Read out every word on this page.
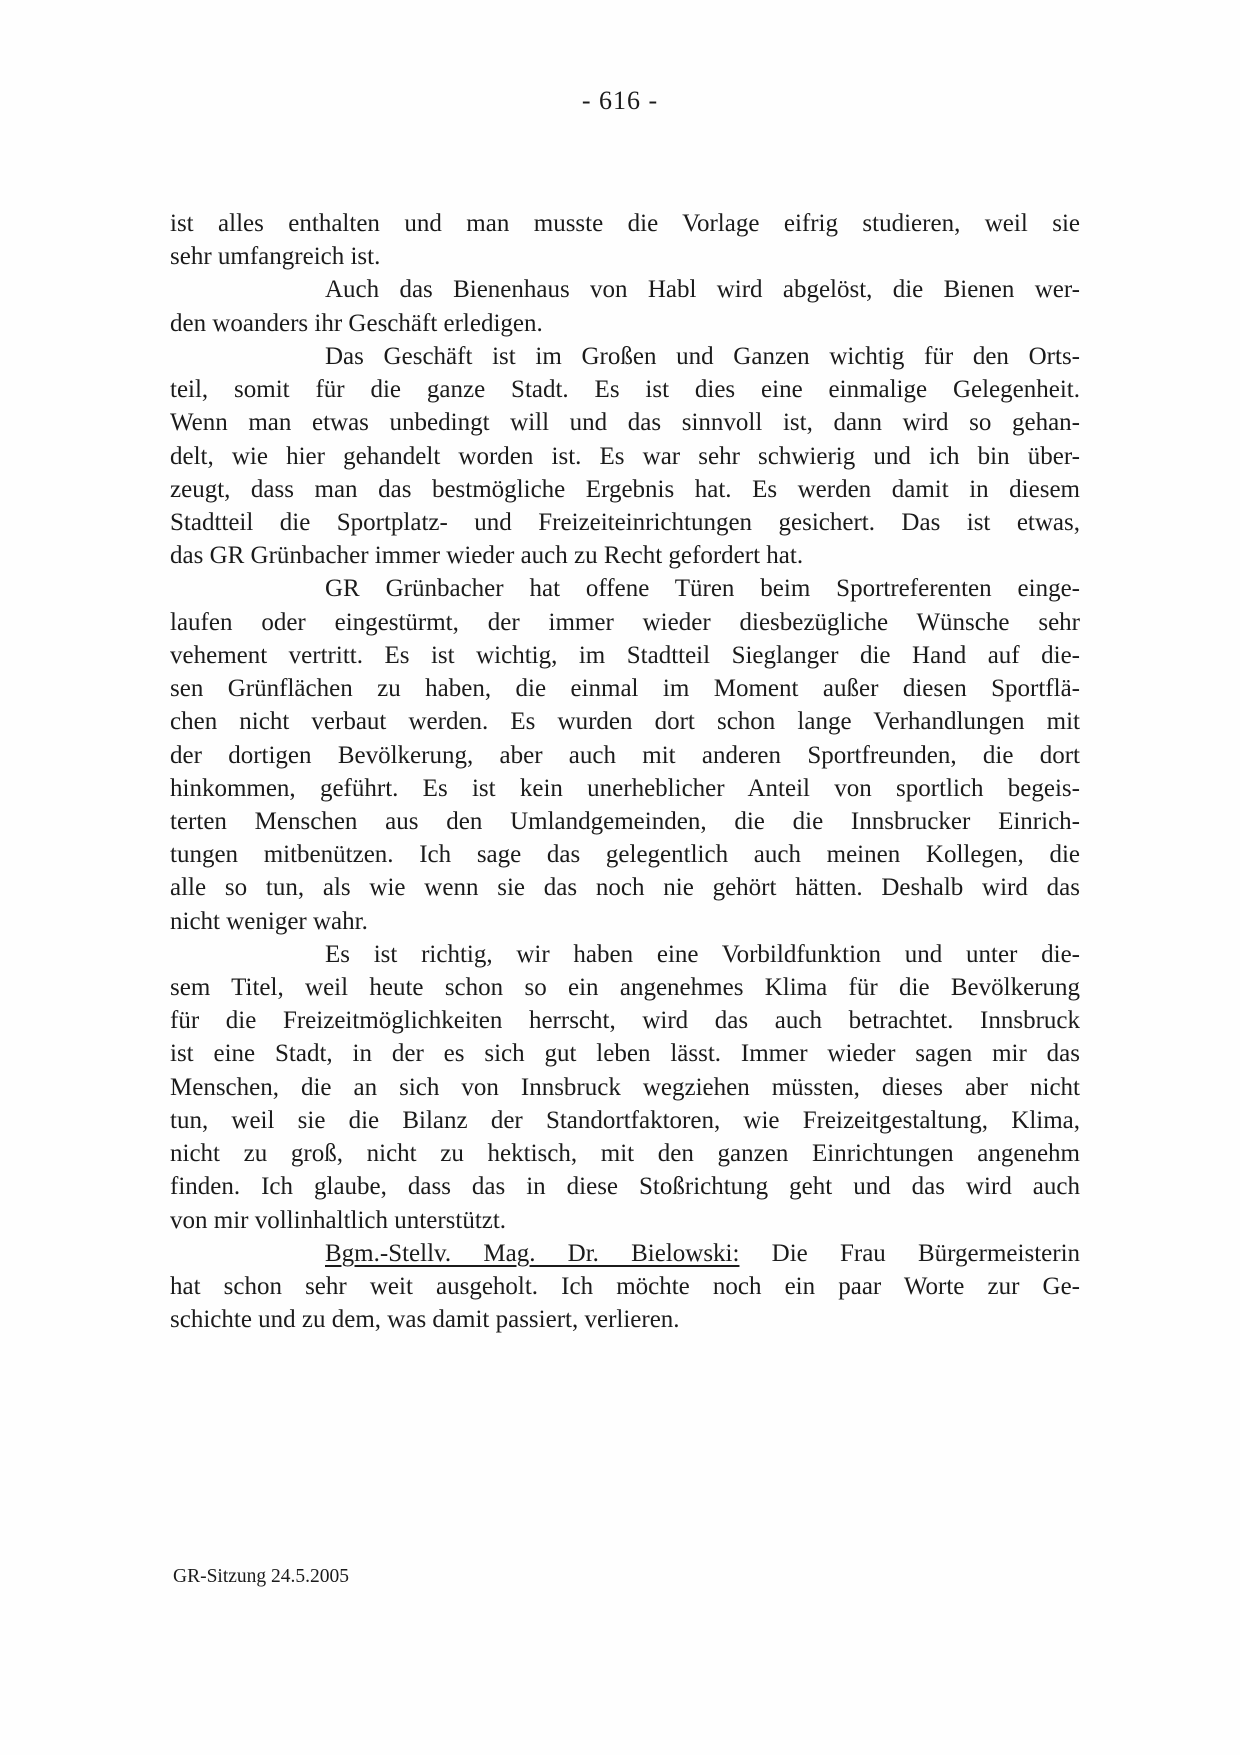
- 616 -
ist alles enthalten und man musste die Vorlage eifrig studieren, weil sie
sehr umfangreich ist.
Auch das Bienenhaus von Habl wird abgelöst, die Bienen wer-
den woanders ihr Geschäft erledigen.
Das Geschäft ist im Großen und Ganzen wichtig für den Orts-
teil, somit für die ganze Stadt. Es ist dies eine einmalige Gelegenheit.
Wenn man etwas unbedingt will und das sinnvoll ist, dann wird so gehan-
delt, wie hier gehandelt worden ist. Es war sehr schwierig und ich bin über-
zeugt, dass man das bestmögliche Ergebnis hat. Es werden damit in diesem
Stadtteil die Sportplatz- und Freizeiteinrichtungen gesichert. Das ist etwas,
das GR Grünbacher immer wieder auch zu Recht gefordert hat.
GR Grünbacher hat offene Türen beim Sportreferenten einge-
laufen oder eingestürmt, der immer wieder diesbezügliche Wünsche sehr
vehement vertritt. Es ist wichtig, im Stadtteil Sieglanger die Hand auf die-
sen Grünflächen zu haben, die einmal im Moment außer diesen Sportflä-
chen nicht verbaut werden. Es wurden dort schon lange Verhandlungen mit
der dortigen Bevölkerung, aber auch mit anderen Sportfreunden, die dort
hinkommen, geführt. Es ist kein unerheblicher Anteil von sportlich begeis-
terten Menschen aus den Umlandgemeinden, die die Innsbrucker Einrich-
tungen mitbenützen. Ich sage das gelegentlich auch meinen Kollegen, die
alle so tun, als wie wenn sie das noch nie gehört hätten. Deshalb wird das
nicht weniger wahr.
Es ist richtig, wir haben eine Vorbildfunktion und unter die-
sem Titel, weil heute schon so ein angenehmes Klima für die Bevölkerung
für die Freizeitmöglichkeiten herrscht, wird das auch betrachtet. Innsbruck
ist eine Stadt, in der es sich gut leben lässt. Immer wieder sagen mir das
Menschen, die an sich von Innsbruck wegziehen müssten, dieses aber nicht
tun, weil sie die Bilanz der Standortfaktoren, wie Freizeitgestaltung, Klima,
nicht zu groß, nicht zu hektisch, mit den ganzen Einrichtungen angenehm
finden. Ich glaube, dass das in diese Stoßrichtung geht und das wird auch
von mir vollinhaltlich unterstützt.
Bgm.-Stellv. Mag. Dr. Bielowski: Die Frau Bürgermeisterin
hat schon sehr weit ausgeholt. Ich möchte noch ein paar Worte zur Ge-
schichte und zu dem, was damit passiert, verlieren.
GR-Sitzung 24.5.2005
